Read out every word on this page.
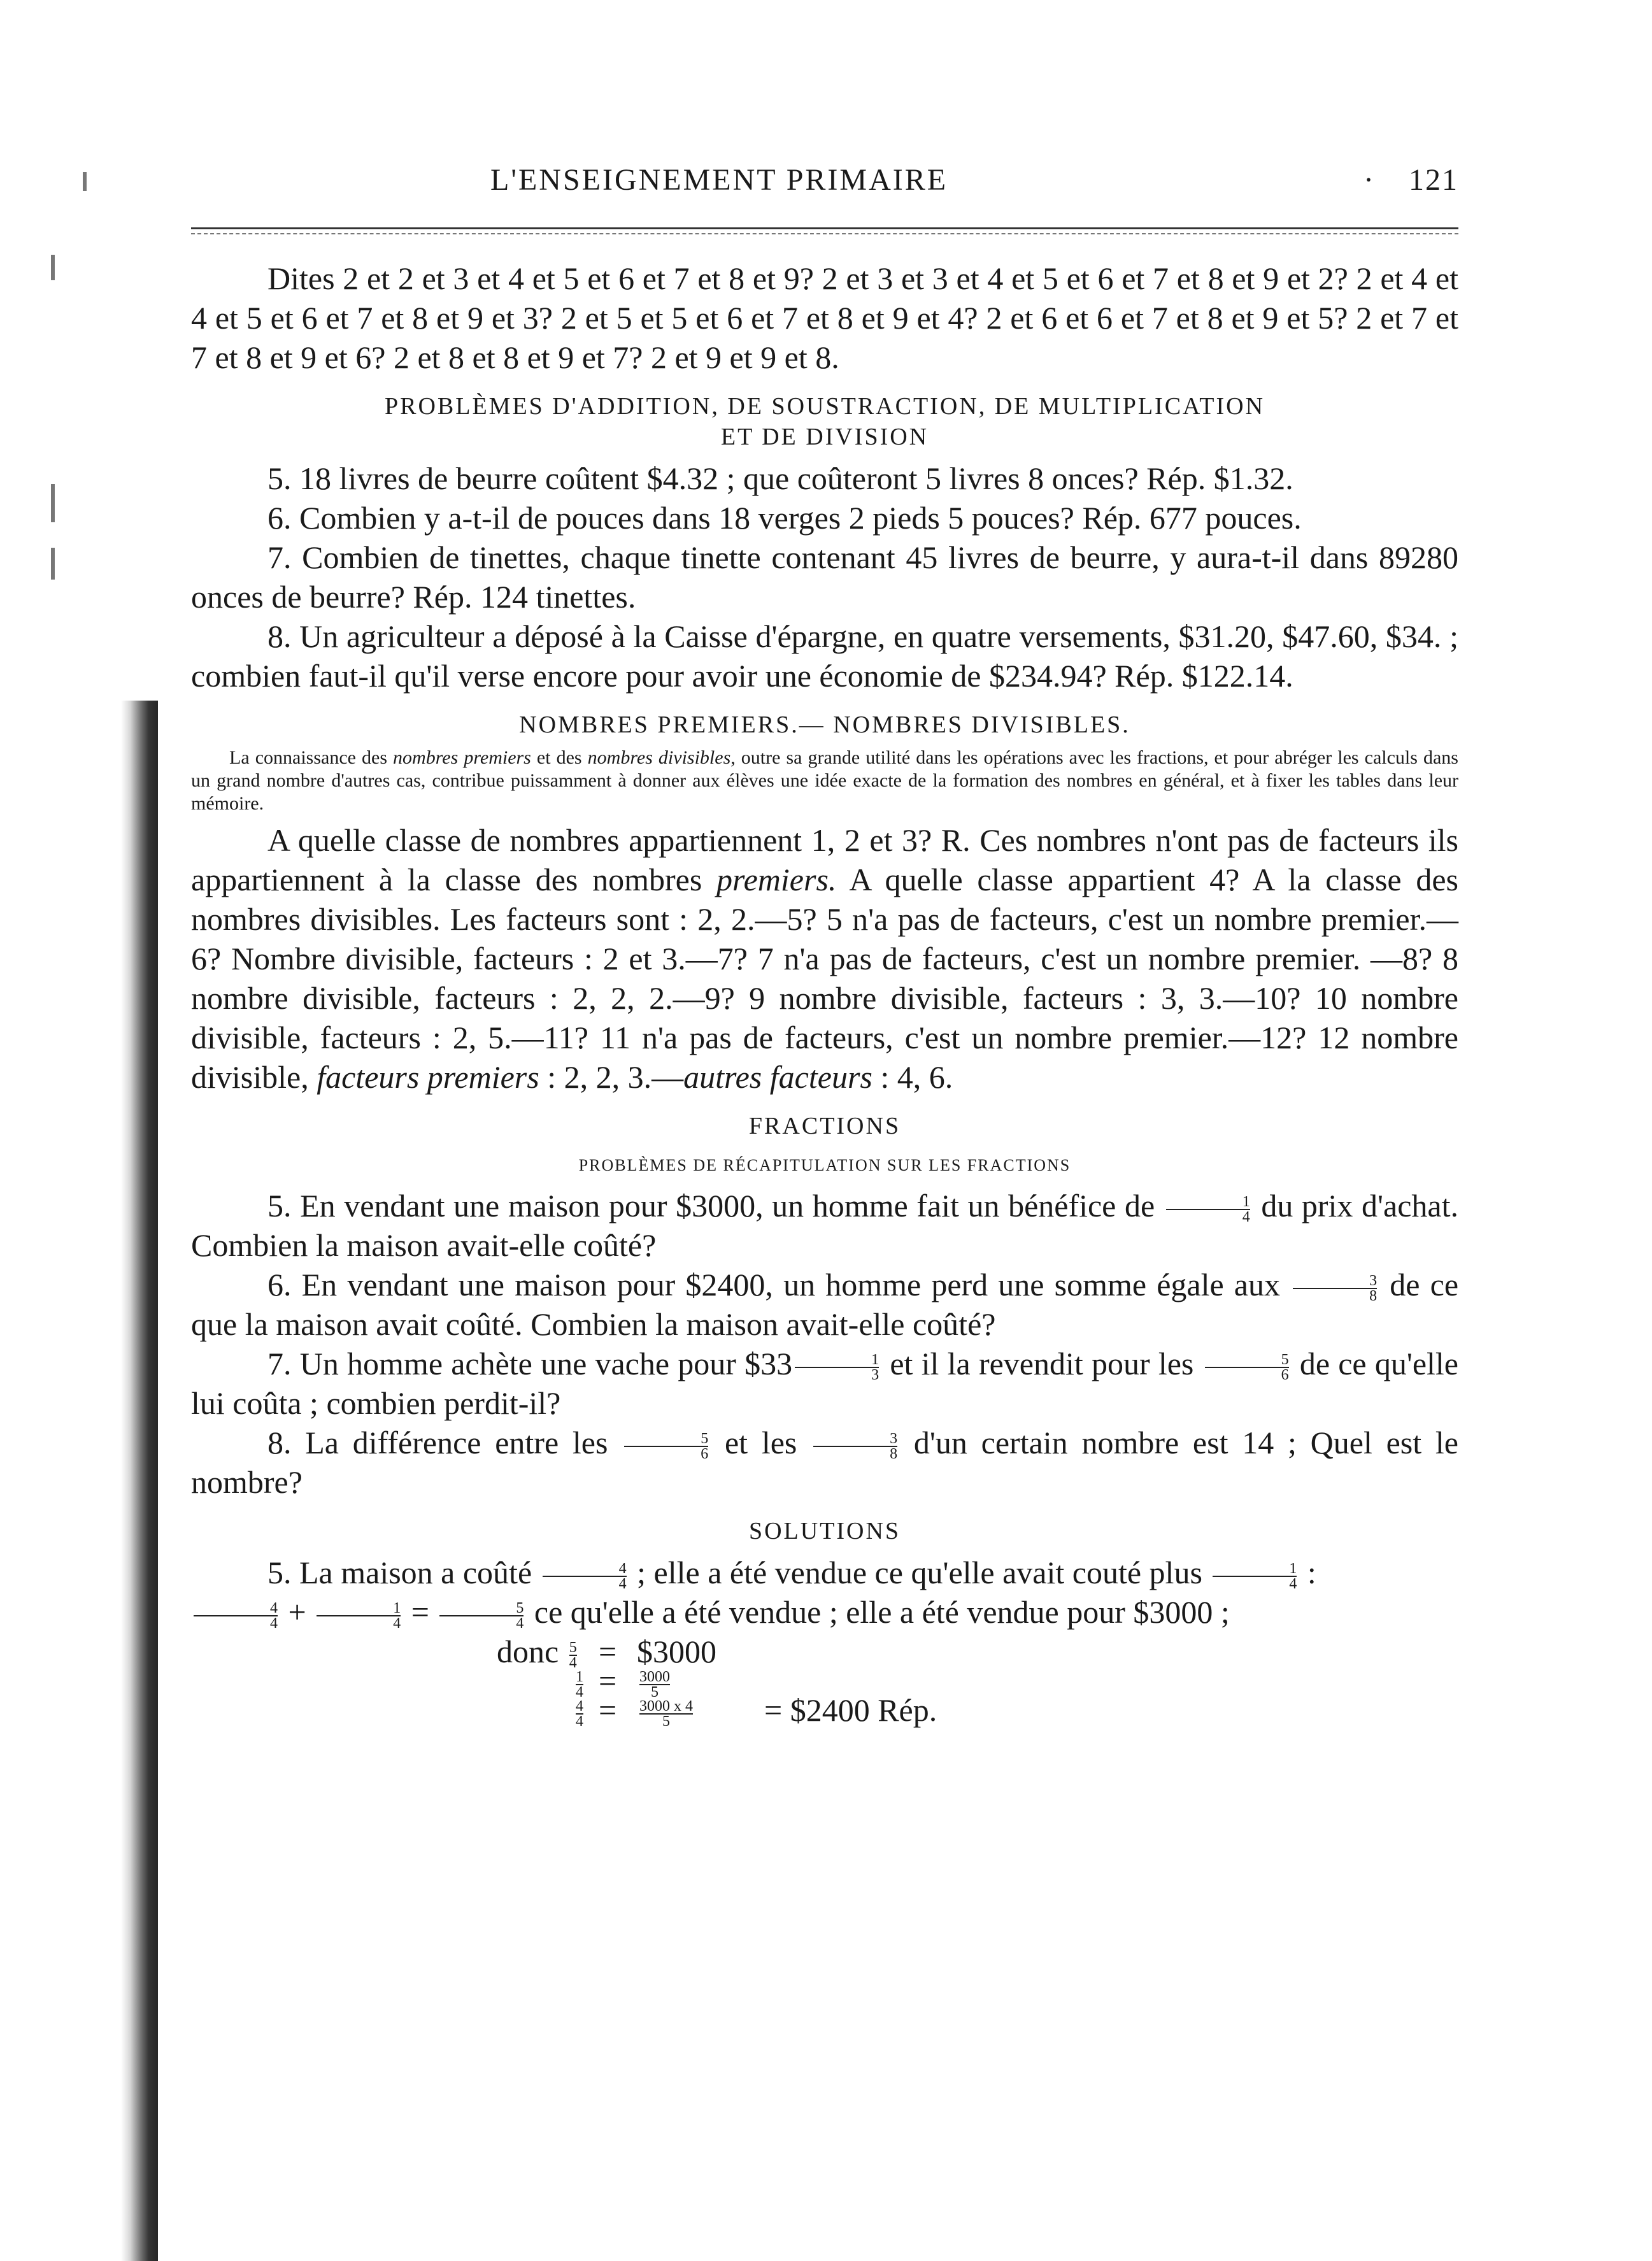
L'ENSEIGNEMENT PRIMAIRE	· 121

Dites 2 et 2 et 3 et 4 et 5 et 6 et 7 et 8 et 9? 2 et 3 et 3 et 4 et 5 et 6 et 7 et 8 et 9 et 2? 2 et 4 et 4 et 5 et 6 et 7 et 8 et 9 et 3? 2 et 5 et 5 et 6 et 7 et 8 et 9 et 4? 2 et 6 et 6 et 7 et 8 et 9 et 5? 2 et 7 et 7 et 8 et 9 et 6? 2 et 8 et 8 et 9 et 7? 2 et 9 et 9 et 8.

PROBLÈMES D'ADDITION, DE SOUSTRACTION, DE MULTIPLICATION
ET DE DIVISION

5. 18 livres de beurre coûtent $4.32 ; que coûteront 5 livres 8 onces? Rép. $1.32.

6. Combien y a-t-il de pouces dans 18 verges 2 pieds 5 pouces? Rép. 677 pouces.

7. Combien de tinettes, chaque tinette contenant 45 livres de beurre, y aura-t-il dans 89280 onces de beurre? Rép. 124 tinettes.

8. Un agriculteur a déposé à la Caisse d'épargne, en quatre versements, $31.20, $47.60, $34. ; combien faut-il qu'il verse encore pour avoir une économie de $234.94? Rép. $122.14.

NOMBRES PREMIERS.— NOMBRES DIVISIBLES.

La connaissance des nombres premiers et des nombres divisibles, outre sa grande utilité dans les opérations avec les fractions, et pour abréger les calculs dans un grand nombre d'autres cas, contribue puissamment à donner aux élèves une idée exacte de la formation des nombres en général, et à fixer les tables dans leur mémoire.

A quelle classe de nombres appartiennent 1, 2 et 3? R. Ces nombres n'ont pas de facteurs ils appartiennent à la classe des nombres premiers. A quelle classe appartient 4? A la classe des nombres divisibles. Les facteurs sont : 2, 2.—5? 5 n'a pas de facteurs, c'est un nombre premier.—6? Nombre divisible, facteurs : 2 et 3.—7? 7 n'a pas de facteurs, c'est un nombre premier. —8? 8 nombre divisible, facteurs : 2, 2, 2.—9? 9 nombre divisible, facteurs : 3, 3.—10? 10 nombre divisible, facteurs : 2, 5.—11? 11 n'a pas de facteurs, c'est un nombre premier.—12? 12 nombre divisible, facteurs premiers : 2, 2, 3.—autres facteurs : 4, 6.

FRACTIONS
PROBLÈMES DE RÉCAPITULATION SUR LES FRACTIONS

5. En vendant une maison pour $3000, un homme fait un bénéfice de $\frac{1}{4}$ du prix d'achat. Combien la maison avait-elle coûté?

6. En vendant une maison pour $2400, un homme perd une somme égale aux $\frac{3}{8}$ de ce que la maison avait coûté. Combien la maison avait-elle coûté?

7. Un homme achète une vache pour $33 $\frac{1}{3}$ et il la revendit pour les $\frac{5}{6}$ de ce qu'elle lui coûta ; combien perdit-il?

8. La différence entre les $\frac{5}{6}$ et les $\frac{3}{8} d'un$ certain nombre est 14 ; Quel est le nombre?

SOLUTIONS

5. La maison a coûté $\frac{4}{4}$ ; elle a été vendue ce qu'elle avait couté plus $\frac{1}{4}$ :

$\frac{4}{4} + \frac{1}{4} = \frac{5}{4}$ ce qu'elle a été vendue ; elle a été vendue pour $3000 ;

donc $\frac{5}{4}$ = $3000
$\frac{1}{4} = \frac{3000}{5}$
$\frac{4}{4} = \frac{3000 x 4}{5}$ = $2400 Rép.
